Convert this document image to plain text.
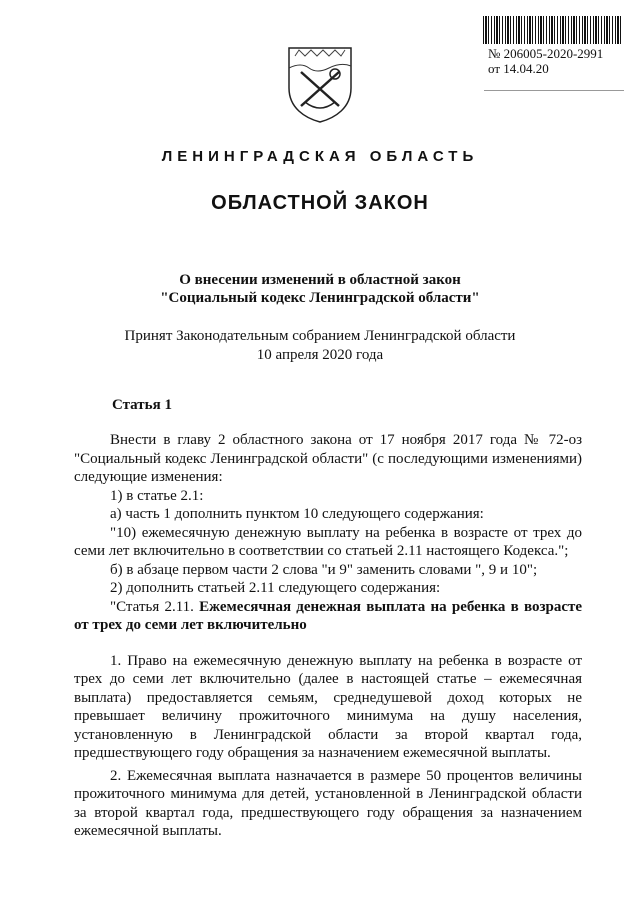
№ 206005-2020-2991
от 14.04.20
ЛЕНИНГРАДСКАЯ ОБЛАСТЬ
ОБЛАСТНОЙ ЗАКОН
О внесении изменений в областной закон
"Социальный кодекс Ленинградской области"
Принят Законодательным собранием Ленинградской области
10 апреля 2020 года
Статья 1

Внести в главу 2 областного закона от 17 ноября 2017 года № 72-оз "Социальный кодекс Ленинградской области" (с последующими изменениями) следующие изменения:

1) в статье 2.1:

а) часть 1 дополнить пунктом 10 следующего содержания:

"10) ежемесячную денежную выплату на ребенка в возрасте от трех до семи лет включительно в соответствии со статьей 2.11 настоящего Кодекса.";

б) в абзаце первом части 2 слова "и 9" заменить словами ", 9 и 10";

2) дополнить статьей 2.11 следующего содержания:

"Статья 2.11. Ежемесячная денежная выплата на ребенка в возрасте от трех до семи лет включительно

1. Право на ежемесячную денежную выплату на ребенка в возрасте от трех до семи лет включительно (далее в настоящей статье – ежемесячная выплата) предоставляется семьям, среднедушевой доход которых не превышает величину прожиточного минимума на душу населения, установленную в Ленинградской области за второй квартал года, предшествующего году обращения за назначением ежемесячной выплаты.

2. Ежемесячная выплата назначается в размере 50 процентов величины прожиточного минимума для детей, установленной в Ленинградской области за второй квартал года, предшествующего году обращения за назначением ежемесячной выплаты.
